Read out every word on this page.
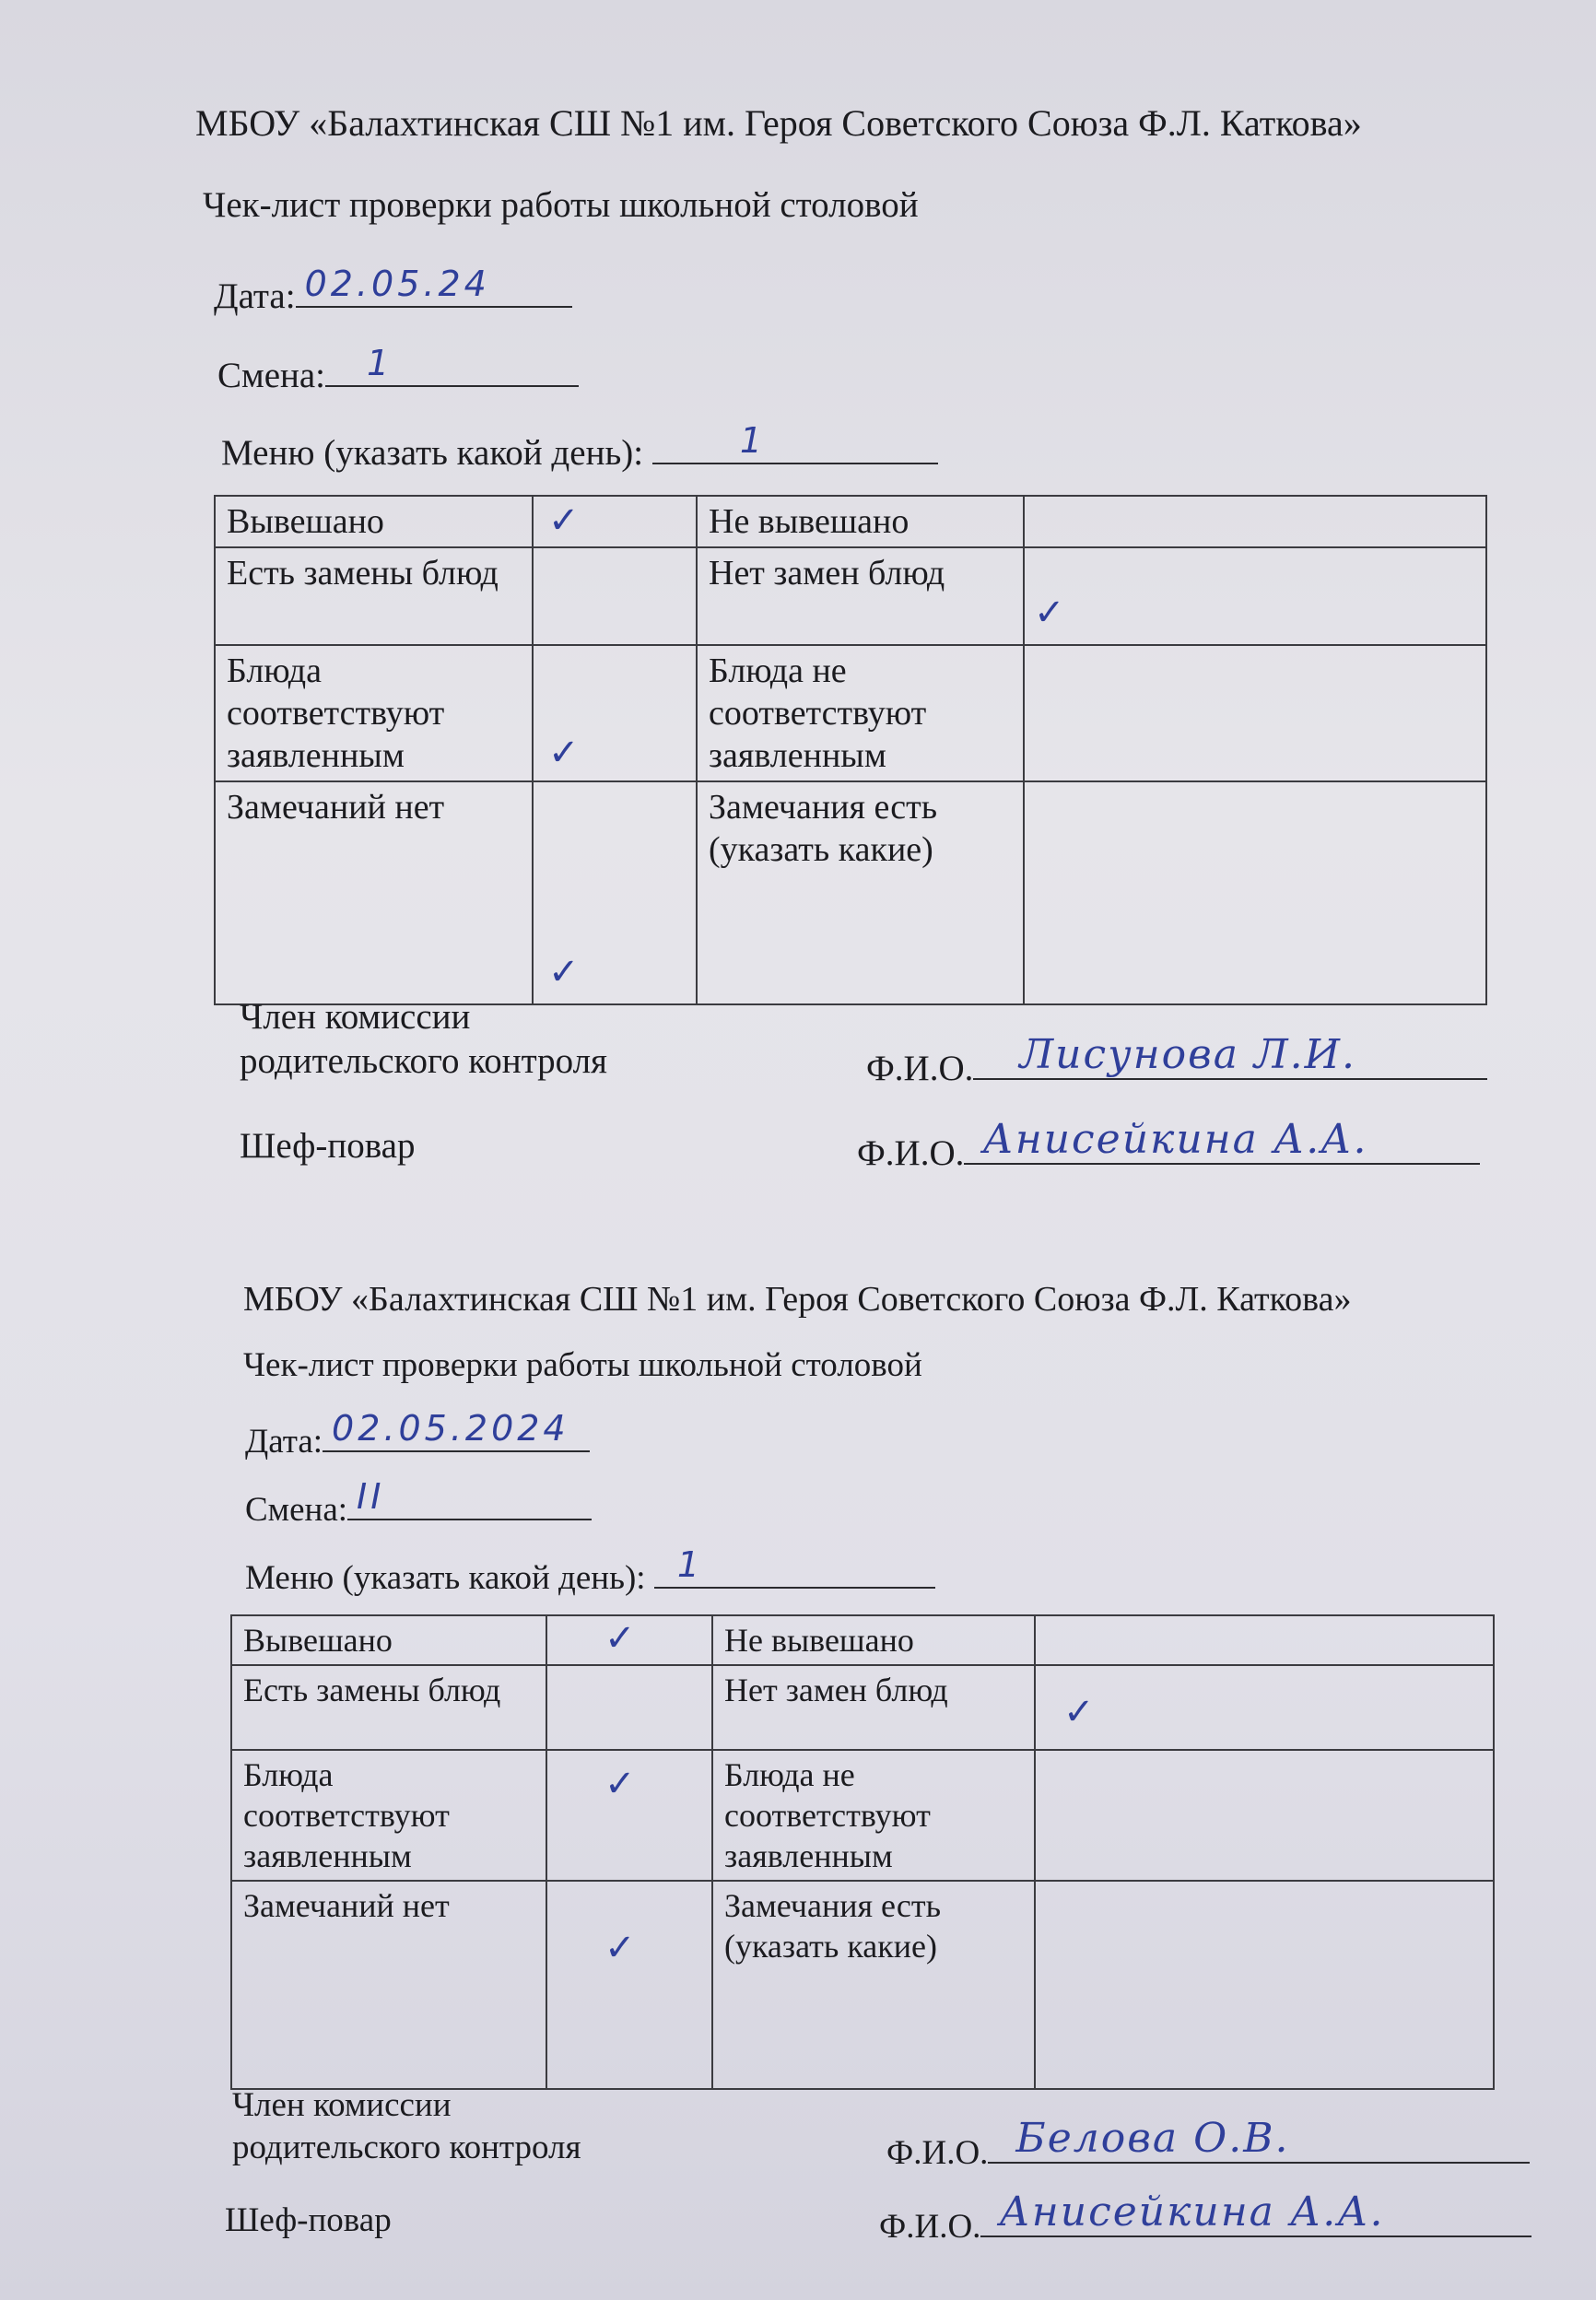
МБОУ «Балахтинская СШ №1 им. Героя Советского Союза Ф.Л. Каткова»
Чек-лист проверки работы школьной столовой
Дата: 02.05.24
Смена: 1
Меню (указать какой день):	1
Вывешано	✓	Не вывешано	

Есть замены блюд		Нет замен блюд	✓

Блюда соответствуют заявленным	✓	Блюда не соответствуют заявленным	

Замечаний нет	✓	Замечания есть (указать какие)	
Член комиссии родительского контроля	Ф.И.О. Лисунова Л.И.
Шеф-повар	Ф.И.О. Анисейкина А.А.
МБОУ «Балахтинская СШ №1 им. Героя Советского Союза Ф.Л. Каткова»
Чек-лист проверки работы школьной столовой
Дата: 02.05.2024
Смена: II
Меню (указать какой день): 1
Вывешано	✓	Не вывешано	

Есть замены блюд		Нет замен блюд	✓

Блюда соответствуют заявленным	✓	Блюда не соответствуют заявленным	

Замечаний нет	✓	Замечания есть (указать какие)	
Член комиссии родительского контроля	Ф.И.О. Белова О.В.
Шеф-повар	Ф.И.О. Анисейкина А.А.
